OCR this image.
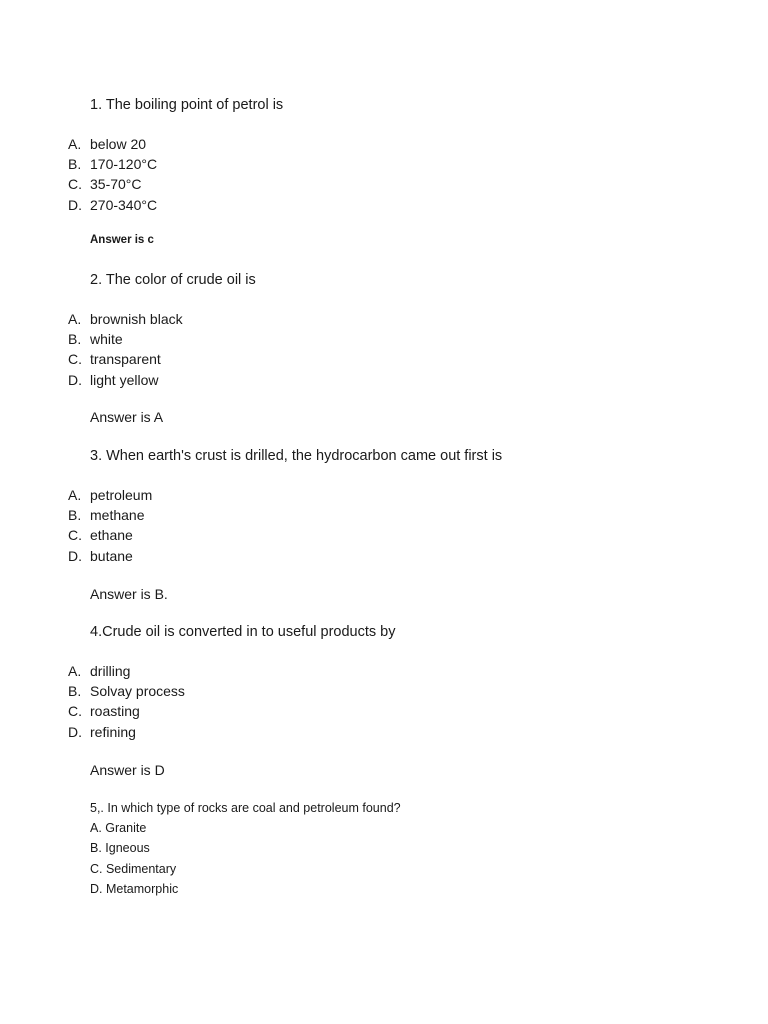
1. The boiling point of petrol is
A. below 20
B. 170-120°C
C. 35-70°C
D. 270-340°C
Answer is c
2. The color of crude oil is
A. brownish black
B. white
C. transparent
D. light yellow
Answer is A
3. When earth's crust is drilled, the hydrocarbon came out first is
A. petroleum
B. methane
C. ethane
D. butane
Answer is B.
4.Crude oil is converted in to useful products by
A. drilling
B. Solvay process
C. roasting
D. refining
Answer is D
5,. In which type of rocks are coal and petroleum found?
A. Granite
B. Igneous
C. Sedimentary
D. Metamorphic
